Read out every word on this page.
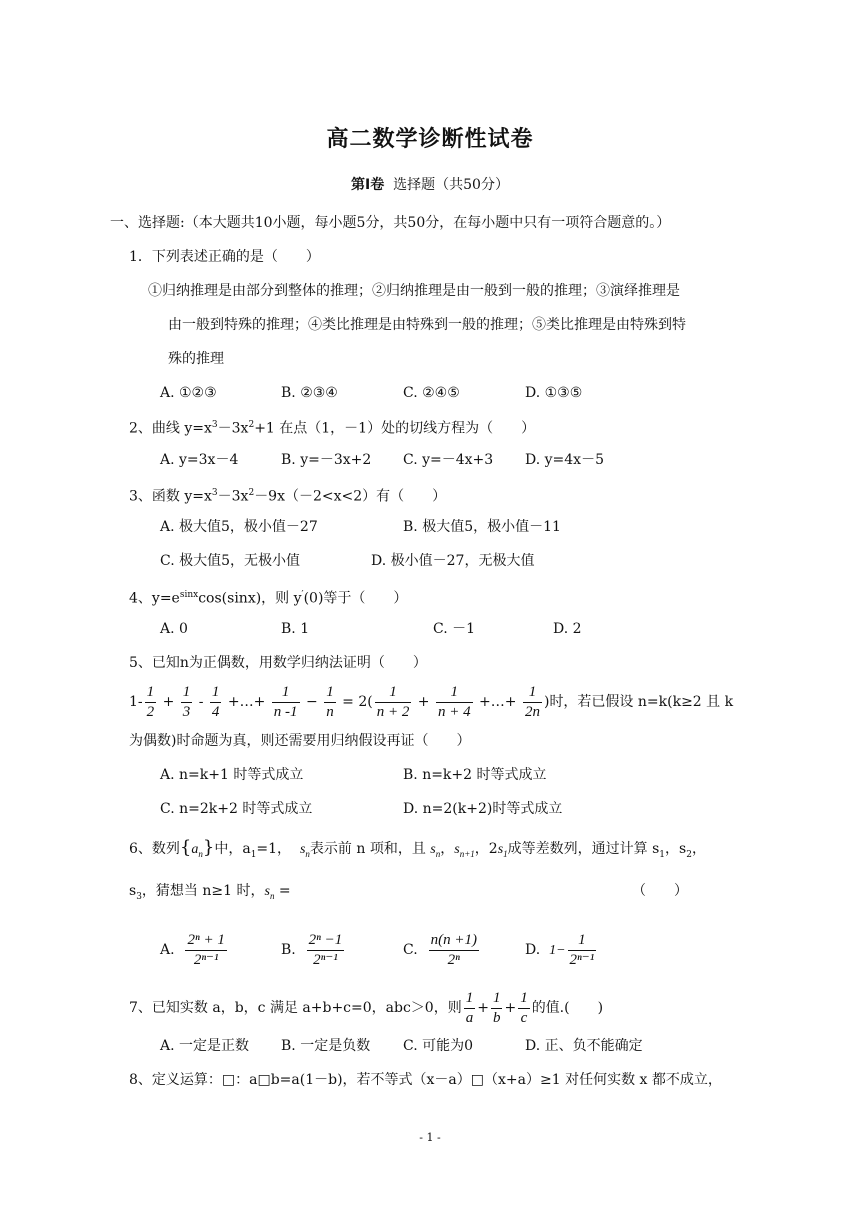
高二数学诊断性试卷
第Ⅰ卷 选择题（共50分）
一、选择题:（本大题共10小题，每小题5分，共50分，在每小题中只有一项符合题意的。）
1．下列表述正确的是（　　）
①归纳推理是由部分到整体的推理；②归纳推理是由一般到一般的推理；③演绎推理是
由一般到特殊的推理；④类比推理是由特殊到一般的推理；⑤类比推理是由特殊到特
殊的推理
A. ①②③	B. ②③④	C. ②④⑤	D. ①③⑤
2、曲线 $y=x^3-3x^2+1$ 在点（1，－1）处的切线方程为（　　）
A. y=3x－4	B. y=－3x+2 C. y=－4x+3 D. y=4x－5
3、函数 $y=x^3-3x^2-9x(-2<x<2)$有（　　）
A. 极大值5，极小值－27	B. 极大值5，极小值－11
C. 极大值5，无极小值	D. 极小值－27，无极大值
4、$y=e^{sinx}\cos(\sin x)$，则 y′(0)等于（　　）
A. 0	B. 1	C. －1	D. 2
5、已知n为正偶数，用数学归纳法证明（　　）
$1- \frac{1}{2} + \frac{1}{3} - \frac{1}{4}$ +…+ $\frac{1}{n -1} - \frac{1}{n} = 2( \frac{1}{n + 2} + \frac{1}{n + 4}$ +…+ $\frac{1}{2n}$ )时，若已假设 n=k(k≥2 且 k
为偶数)时命题为真，则还需要用归纳假设再证（　　）
A. n=k+1 时等式成立	B. n=k+2 时等式成立
C. n=2k+2 时等式成立	D. n=2(k+2)时等式成立
6、数列$\{a_n\}$中，$a_1=1$， $s_n$表示前 n 项和，且 $s_n$，$s_{n+1}$，$2s_1$成等差数列，通过计算 $s_1$，$s_2$，
$s_3$，猜想当 n≥1 时，$s_n$ =	（　　）
A. $\frac{\text{2ⁿ + 1}}{\text{2ⁿ⁻¹}}$	B. $\frac{\text{2ⁿ −1}}{\text{2ⁿ⁻¹}}$	C. $\frac{n(n +1)}{\text{2ⁿ}}$	D. $1- \frac{1}{\text{2ⁿ⁻¹}}$
7、已知实数 a，b，c 满足 a+b+c=0，abc＞0，则 $\frac{1}{a} + \frac{1}{b} + \frac{1}{c}$ 的值.(　　)
A. 一定是正数 B. 一定是负数 C. 可能为0	D. 正、负不能确定
8、定义运算：□：a□b=a(1－b)，若不等式（x－a）□（x+a）≥1 对任何实数 x 都不成立，
- 1 -
